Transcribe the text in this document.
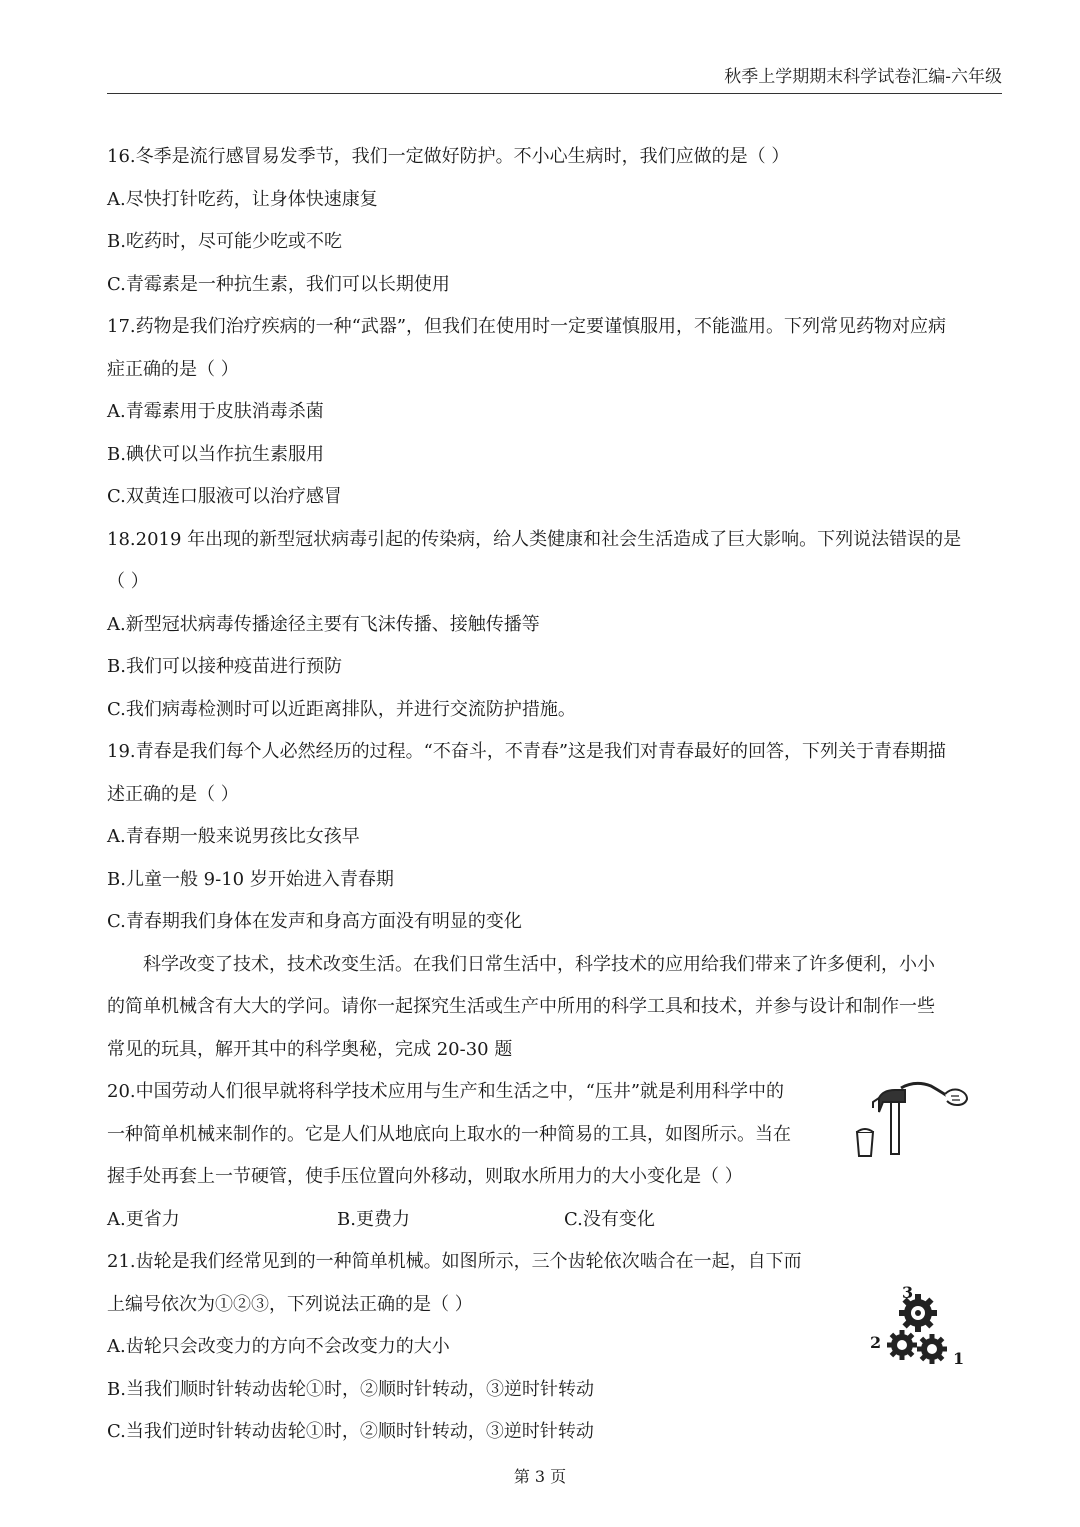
秋季上学期期末科学试卷汇编-六年级
16.冬季是流行感冒易发季节，我们一定做好防护。不小心生病时，我们应做的是（ ）
A.尽快打针吃药，让身体快速康复
B.吃药时，尽可能少吃或不吃
C.青霉素是一种抗生素，我们可以长期使用
17.药物是我们治疗疾病的一种“武器”，但我们在使用时一定要谨慎服用，不能滥用。下列常见药物对应病
症正确的是（ ）
A.青霉素用于皮肤消毒杀菌
B.碘伏可以当作抗生素服用
C.双黄连口服液可以治疗感冒
18.2019 年出现的新型冠状病毒引起的传染病，给人类健康和社会生活造成了巨大影响。下列说法错误的是
（ ）
A.新型冠状病毒传播途径主要有飞沫传播、接触传播等
B.我们可以接种疫苗进行预防
C.我们病毒检测时可以近距离排队，并进行交流防护措施。
19.青春是我们每个人必然经历的过程。“不奋斗，不青春”这是我们对青春最好的回答，下列关于青春期描
述正确的是（ ）
A.青春期一般来说男孩比女孩早
B.儿童一般 9-10 岁开始进入青春期
C.青春期我们身体在发声和身高方面没有明显的变化
科学改变了技术，技术改变生活。在我们日常生活中，科学技术的应用给我们带来了许多便利，小小
的简单机械含有大大的学问。请你一起探究生活或生产中所用的科学工具和技术，并参与设计和制作一些
常见的玩具，解开其中的科学奥秘，完成 20-30 题
20.中国劳动人们很早就将科学技术应用与生产和生活之中，“压井”就是利用科学中的
一种简单机械来制作的。它是人们从地底向上取水的一种简易的工具，如图所示。当在
握手处再套上一节硬管，使手压位置向外移动，则取水所用力的大小变化是（ ）
A.更省力	B.更费力	C.没有变化
21.齿轮是我们经常见到的一种简单机械。如图所示，三个齿轮依次啮合在一起，自下而
上编号依次为①②③，下列说法正确的是（ ）
A.齿轮只会改变力的方向不会改变力的大小
B.当我们顺时针转动齿轮①时，②顺时针转动，③逆时针转动
C.当我们逆时针转动齿轮①时，②顺时针转动，③逆时针转动
1
2
3
第 3 页
